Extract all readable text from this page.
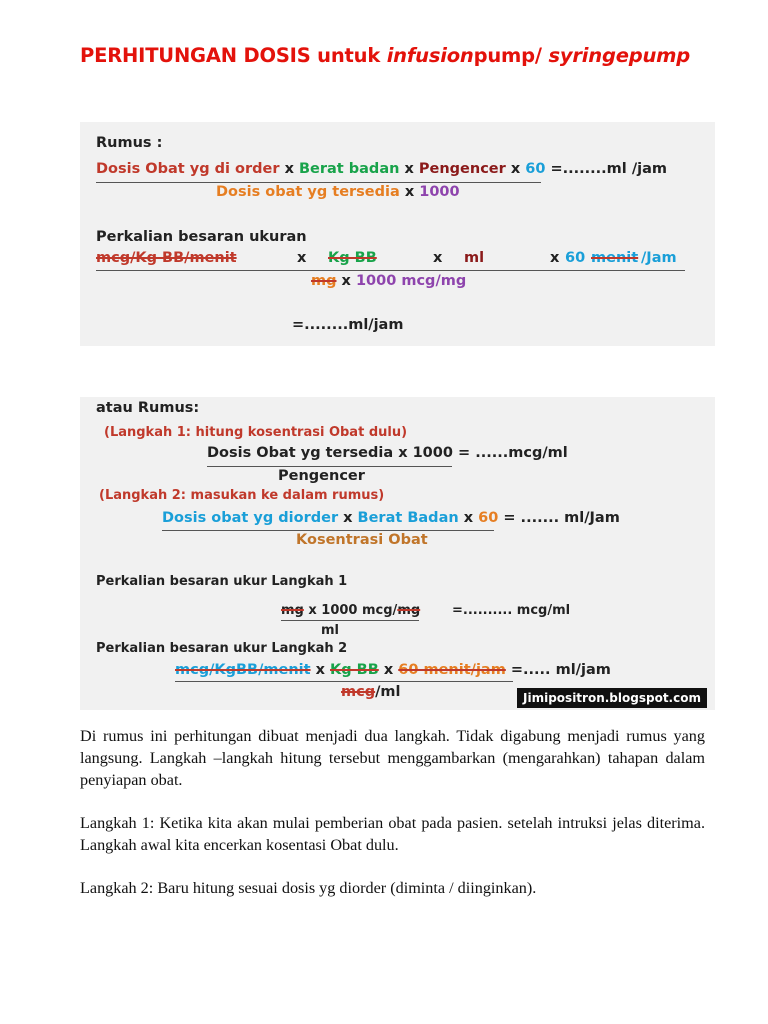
PERHITUNGAN DOSIS untuk infusionpump/ syringepump
Rumus :
Dosis Obat yg di order x Berat badan x Pengencer x 60 =........ml /jam
Dosis obat yg tersedia x 1000
Perkalian besaran ukuran
mcg/Kg BB/menit	x Kg BB	x ml	x 60 menit /Jam
mg x 1000 mcg/mg
=........ml/jam
atau Rumus:
(Langkah 1: hitung kosentrasi Obat dulu)
Dosis Obat yg tersedia x 1000 = ......mcg/ml
Pengencer
(Langkah 2: masukan ke dalam rumus)
Dosis obat yg diorder x Berat Badan x 60 = ....... ml/Jam
Kosentrasi Obat
Perkalian besaran ukur Langkah 1
mg x 1000 mcg/mg =.......... mcg/ml
ml
Perkalian besaran ukur Langkah 2
mcg/KgBB/menit x Kg BB x 60 menit/jam =..... ml/jam
mcg/ml	Jimipositron.blogspot.com

Di rumus ini perhitungan dibuat menjadi dua langkah. Tidak digabung menjadi rumus yang langsung. Langkah –langkah hitung tersebut menggambarkan (mengarahkan) tahapan dalam penyiapan obat.

Langkah 1: Ketika kita akan mulai pemberian obat pada pasien. setelah intruksi jelas diterima. Langkah awal kita encerkan kosentasi Obat dulu.

Langkah 2: Baru hitung sesuai dosis yg diorder (diminta / diinginkan).
